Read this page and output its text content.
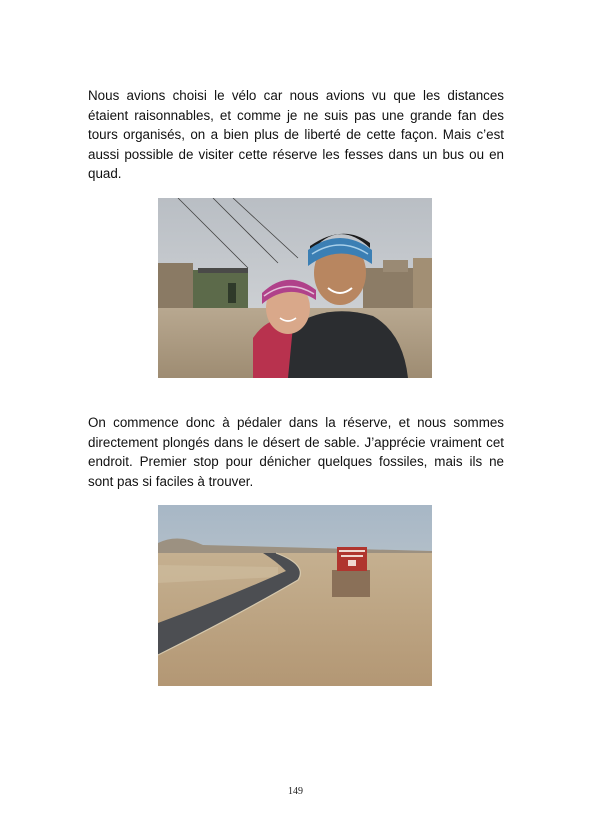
Nous avions choisi le vélo car nous avions vu que les distances étaient raisonnables, et comme je ne suis pas une grande fan des tours organisés, on a bien plus de liberté de cette façon. Mais c’est aussi possible de visiter cette réserve les fesses dans un bus ou en quad.

On commence donc à pédaler dans la réserve, et nous sommes directement plongés dans le désert de sable. J’apprécie vraiment cet endroit. Premier stop pour dénicher quelques fossiles, mais ils ne sont pas si faciles à trouver.

149
